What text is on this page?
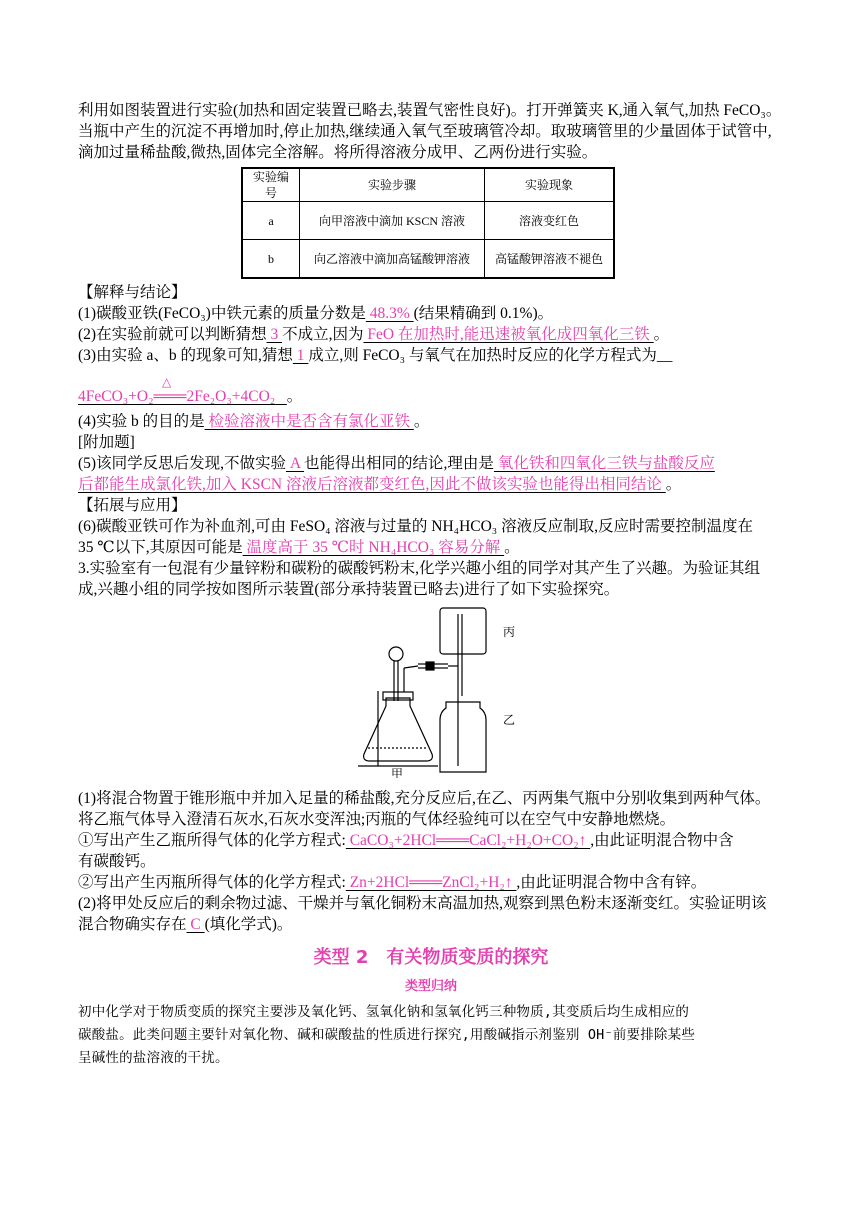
利用如图装置进行实验(加热和固定装置已略去,装置气密性良好)。打开弹簧夹 K,通入氧气,加热 FeCO₃。

当瓶中产生的沉淀不再增加时,停止加热,继续通入氧气至玻璃管冷却。取玻璃管里的少量固体于试管中,

滴加过量稀盐酸,微热,固体完全溶解。将所得溶液分成甲、乙两份进行实验。

实验编号	实验步骤	实验现象
a	向甲溶液中滴加 KSCN 溶液	溶液变红色
b	向乙溶液中滴加高锰酸钾溶液	高锰酸钾溶液不褪色

【解释与结论】

(1)碳酸亚铁(FeCO₃)中铁元素的质量分数是 48.3% (结果精确到 0.1%)。

(2)在实验前就可以判断猜想 3 不成立,因为 FeO 在加热时,能迅速被氧化成四氧化三铁 。

(3)由实验 a、b 的现象可知,猜想 1 成立,则 FeCO₃ 与氧气在加热时反应的化学方程式为__

4FeCO₃+O₂═══
△
2Fe₂O₃+4CO₂ 。

(4)实验 b 的目的是 检验溶液中是否含有氯化亚铁 。

[附加题]

(5)该同学反思后发现,不做实验 A 也能得出相同的结论,理由是 氧化铁和四氧化三铁与盐酸反应

后都能生成氯化铁,加入 KSCN 溶液后溶液都变红色,因此不做该实验也能得出相同结论 。

【拓展与应用】

(6)碳酸亚铁可作为补血剂,可由 FeSO₄ 溶液与过量的 NH₄HCO₃ 溶液反应制取,反应时需要控制温度在

35 ℃以下,其原因可能是 温度高于 35 ℃时 NH₄HCO₃ 容易分解 。

3.实验室有一包混有少量锌粉和碳粉的碳酸钙粉末,化学兴趣小组的同学对其产生了兴趣。为验证其组

成,兴趣小组的同学按如图所示装置(部分承持装置已略去)进行了如下实验探究。

丙
乙
甲

(1)将混合物置于锥形瓶中并加入足量的稀盐酸,充分反应后,在乙、丙两集气瓶中分别收集到两种气体。

将乙瓶气体导入澄清石灰水,石灰水变浑浊;丙瓶的气体经验纯可以在空气中安静地燃烧。

①写出产生乙瓶所得气体的化学方程式: CaCO₃+2HCl═══CaCl₂+H₂O+CO₂↑ ,由此证明混合物中含

有碳酸钙。

②写出产生丙瓶所得气体的化学方程式: Zn+2HCl═══ZnCl₂+H₂↑ ,由此证明混合物中含有锌。

(2)将甲处反应后的剩余物过滤、干燥并与氧化铜粉末高温加热,观察到黑色粉末逐渐变红。实验证明该

混合物确实存在 C (填化学式)。

类型 2　有关物质变质的探究
类型归纳

初中化学对于物质变质的探究主要涉及氧化钙、氢氧化钠和氢氧化钙三种物质,其变质后均生成相应的

碳酸盐。此类问题主要针对氧化物、碱和碳酸盐的性质进行探究,用酸碱指示剂鉴别 OH⁻前要排除某些

呈碱性的盐溶液的干扰。
